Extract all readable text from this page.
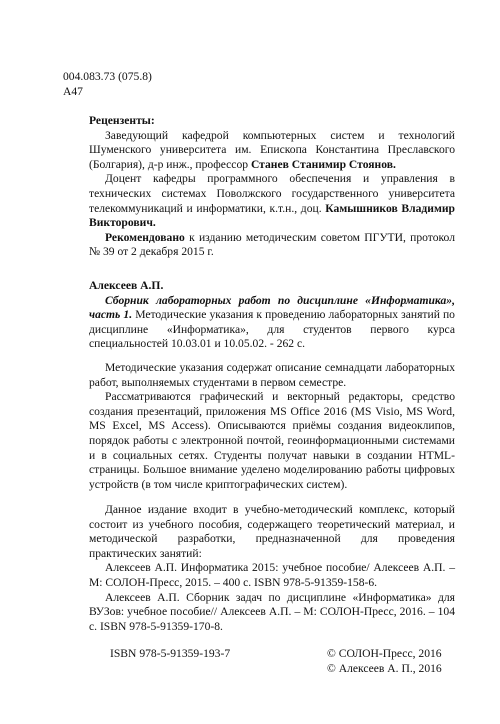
004.083.73 (075.8)
A47

Рецензенты:

Заведующий кафедрой компьютерных систем и технологий Шуменского университета им. Епископа Константина Преславского (Болгария), д-р инж., профессор Станев Станимир Стоянов.

Доцент кафедры программного обеспечения и управления в технических системах Поволжского государственного университета телекоммуникаций и информатики, к.т.н., доц. Камышников Владимир Викторович.

Рекомендовано к изданию методическим советом ПГУТИ, протокол № 39 от 2 декабря 2015 г.

Алексеев А.П.

Сборник лабораторных работ по дисциплине «Информатика», часть 1. Методические указания к проведению лабораторных занятий по дисциплине «Информатика», для студентов первого курса специальностей 10.03.01 и 10.05.02. - 262 с.

Методические указания содержат описание семнадцати лабораторных работ, выполняемых студентами в первом семестре.

Рассматриваются графический и векторный редакторы, средство создания презентаций, приложения MS Office 2016 (MS Visio, MS Word, MS Excel, MS Access). Описываются приёмы создания видеоклипов, порядок работы с электронной почтой, геоинформационными системами и в социальных сетях. Студенты получат навыки в создании HTML-страницы. Большое внимание уделено моделированию работы цифровых устройств (в том числе криптографических систем).

Данное издание входит в учебно-методический комплекс, который состоит из учебного пособия, содержащего теоретический материал, и методической разработки, предназначенной для проведения практических занятий:

Алексеев А.П. Информатика 2015: учебное пособие/ Алексеев А.П. – М: СОЛОН-Пресс, 2015. – 400 с. ISBN 978-5-91359-158-6.

Алексеев А.П. Сборник задач по дисциплине «Информатика» для ВУЗов: учебное пособие// Алексеев А.П. – М: СОЛОН-Пресс, 2016. – 104 с. ISBN 978-5-91359-170-8.

ISBN 978-5-91359-193-7	© СОЛОН-Пресс, 2016
© Алексеев А. П., 2016
